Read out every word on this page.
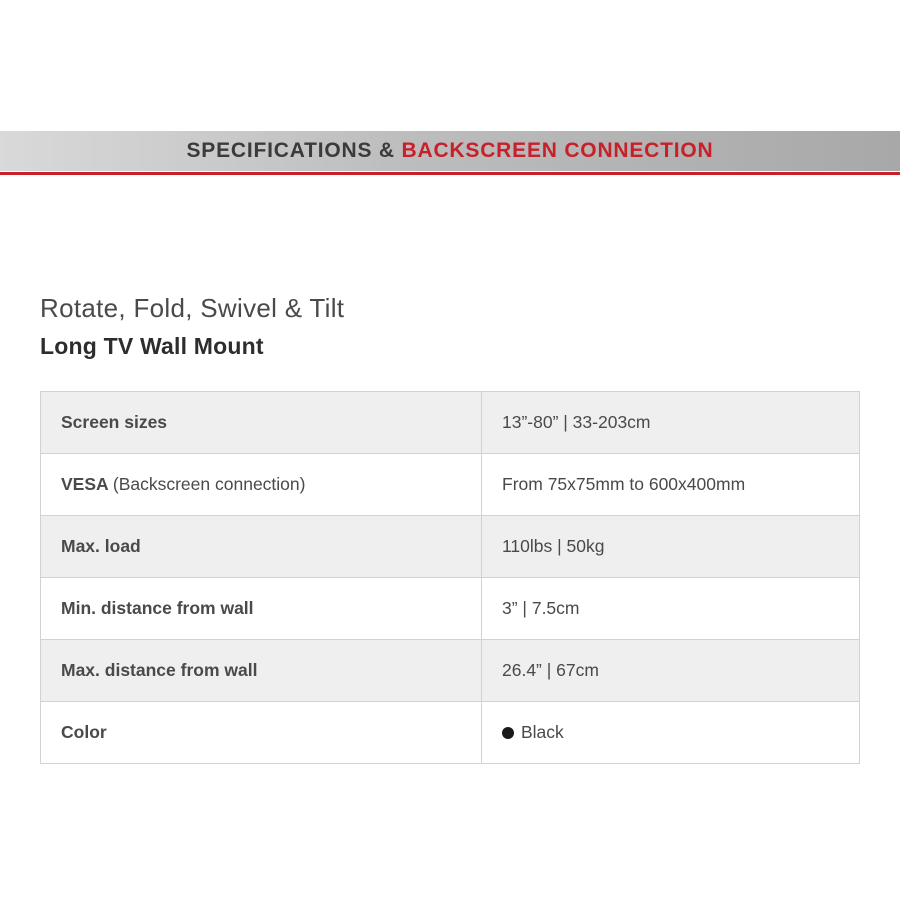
SPECIFICATIONS & BACKSCREEN CONNECTION
Rotate, Fold, Swivel & Tilt
Long TV Wall Mount
Screen sizes	13”-80” | 33-203cm
VESA (Backscreen connection)	From 75x75mm to 600x400mm
Max. load	110lbs | 50kg
Min. distance from wall	3” | 7.5cm
Max. distance from wall	26.4” | 67cm
Color	Black
